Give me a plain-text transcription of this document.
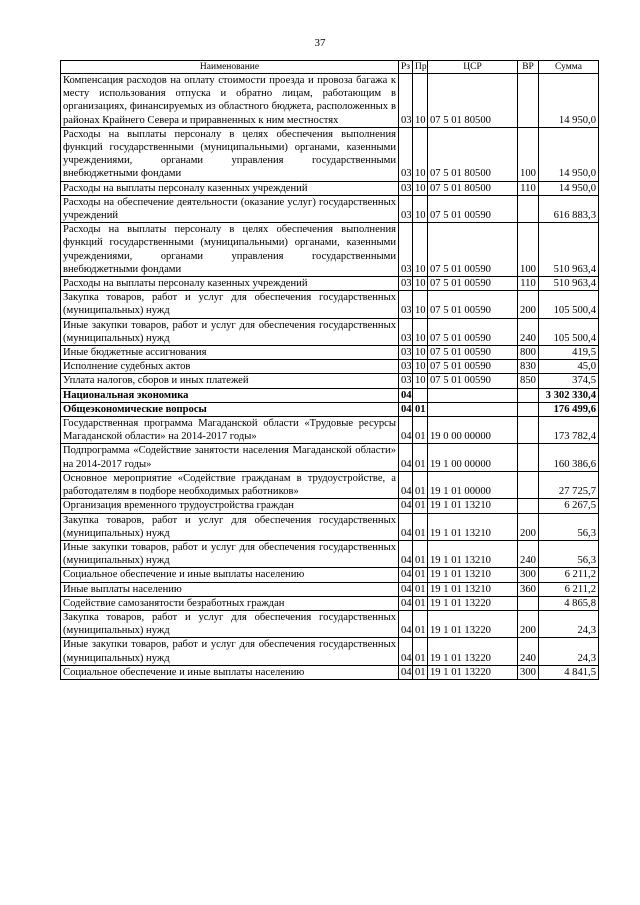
37
Наименование	Рз	Пр	ЦСР	ВР	Сумма
Компенсация расходов на оплату стоимости проезда и провоза багажа к месту использования отпуска и обратно лицам, работающим в организациях, финансируемых из областного бюджета, расположенных в районах Крайнего Севера и приравненных к ним местностях	03	10	07 5 01 80500		14 950,0
Расходы на выплаты персоналу в целях обеспечения выполнения функций государственными (муниципальными) органами, казенными учреждениями, органами управления государственными внебюджетными фондами	03	10	07 5 01 80500	100	14 950,0
Расходы на выплаты персоналу казенных учреждений	03	10	07 5 01 80500	110	14 950,0
Расходы на обеспечение деятельности (оказание услуг) государственных учреждений	03	10	07 5 01 00590		616 883,3
Расходы на выплаты персоналу в целях обеспечения выполнения функций государственными (муниципальными) органами, казенными учреждениями, органами управления государственными внебюджетными фондами	03	10	07 5 01 00590	100	510 963,4
Расходы на выплаты персоналу казенных учреждений	03	10	07 5 01 00590	110	510 963,4
Закупка товаров, работ и услуг для обеспечения государственных (муниципальных) нужд	03	10	07 5 01 00590	200	105 500,4
Иные закупки товаров, работ и услуг для обеспечения государственных (муниципальных) нужд	03	10	07 5 01 00590	240	105 500,4
Иные бюджетные ассигнования	03	10	07 5 01 00590	800	419,5
Исполнение судебных актов	03	10	07 5 01 00590	830	45,0
Уплата налогов, сборов и иных платежей	03	10	07 5 01 00590	850	374,5
Национальная экономика	04				3 302 330,4
Общеэкономические вопросы	04	01			176 499,6
Государственная программа Магаданской области «Трудовые ресурсы Магаданской области» на 2014-2017 годы»	04	01	19 0 00 00000		173 782,4
Подпрограмма «Содействие занятости населения Магаданской области» на 2014-2017 годы»	04	01	19 1 00 00000		160 386,6
Основное мероприятие «Содействие гражданам в трудоустройстве, а работодателям в подборе необходимых работников»	04	01	19 1 01 00000		27 725,7
Организация временного трудоустройства граждан	04	01	19 1 01 13210		6 267,5
Закупка товаров, работ и услуг для обеспечения государственных (муниципальных) нужд	04	01	19 1 01 13210	200	56,3
Иные закупки товаров, работ и услуг для обеспечения государственных (муниципальных) нужд	04	01	19 1 01 13210	240	56,3
Социальное обеспечение и иные выплаты населению	04	01	19 1 01 13210	300	6 211,2
Иные выплаты населению	04	01	19 1 01 13210	360	6 211,2
Содействие самозанятости безработных граждан	04	01	19 1 01 13220		4 865,8
Закупка товаров, работ и услуг для обеспечения государственных (муниципальных) нужд	04	01	19 1 01 13220	200	24,3
Иные закупки товаров, работ и услуг для обеспечения государственных (муниципальных) нужд	04	01	19 1 01 13220	240	24,3
Социальное обеспечение и иные выплаты населению	04	01	19 1 01 13220	300	4 841,5
